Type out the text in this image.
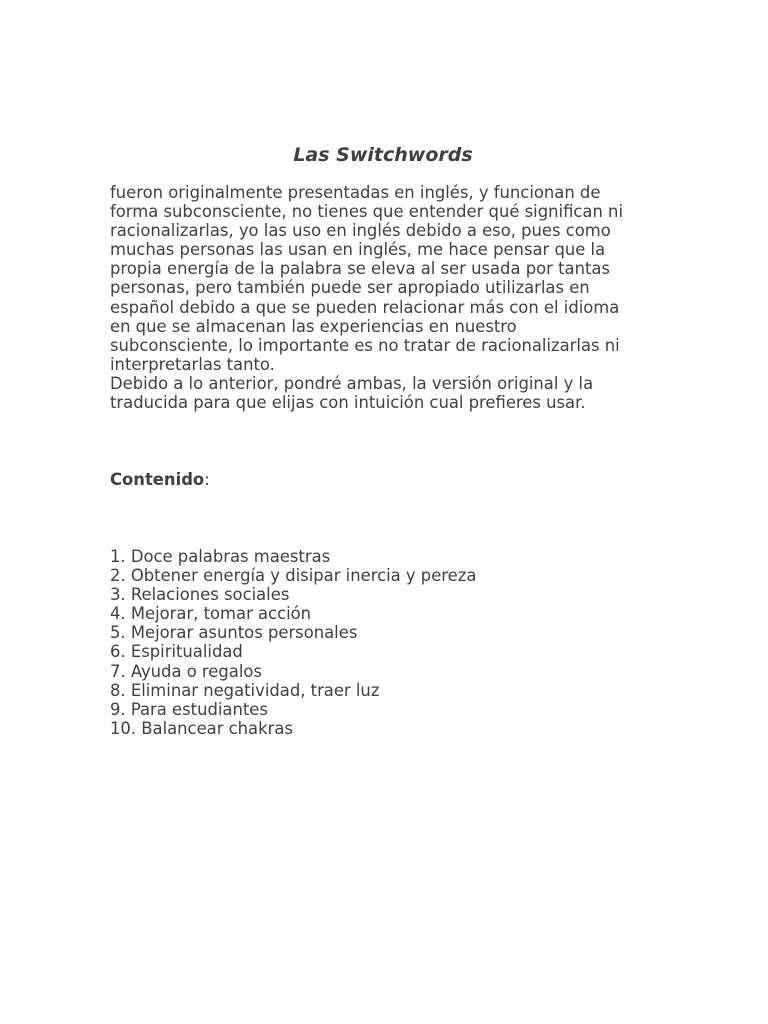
Las Switchwords

fueron originalmente presentadas en inglés, y funcionan de
forma subconsciente, no tienes que entender qué significan ni
racionalizarlas, yo las uso en inglés debido a eso, pues como
muchas personas las usan en inglés, me hace pensar que la
propia energía de la palabra se eleva al ser usada por tantas
personas, pero también puede ser apropiado utilizarlas en
español debido a que se pueden relacionar más con el idioma
en que se almacenan las experiencias en nuestro
subconsciente, lo importante es no tratar de racionalizarlas ni
interpretarlas tanto.
Debido a lo anterior, pondré ambas, la versión original y la
traducida para que elijas con intuición cual prefieres usar.

Contenido:

1. Doce palabras maestras
2. Obtener energía y disipar inercia y pereza
3. Relaciones sociales
4. Mejorar, tomar acción
5. Mejorar asuntos personales
6. Espiritualidad
7. Ayuda o regalos
8. Eliminar negatividad, traer luz
9. Para estudiantes
10. Balancear chakras
